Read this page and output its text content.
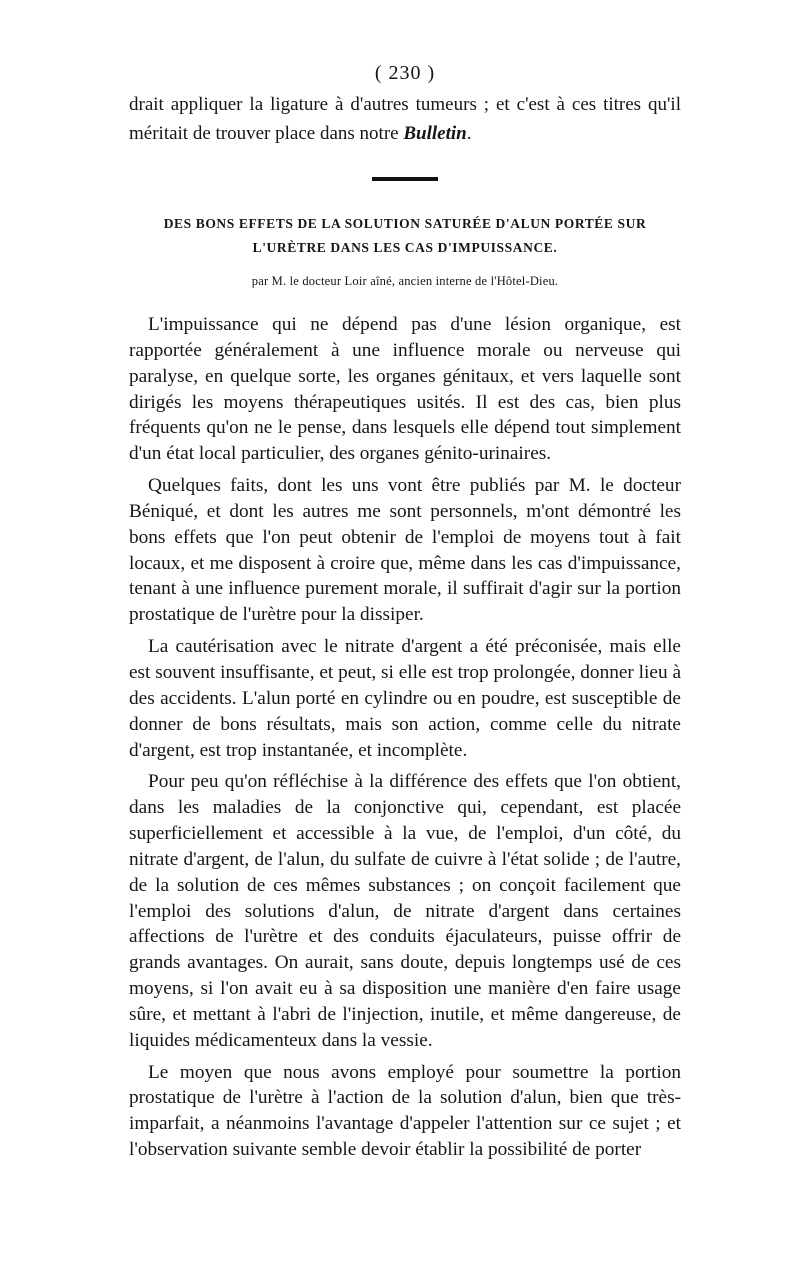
( 230 )

drait appliquer la ligature à d'autres tumeurs ; et c'est à ces titres qu'il méritait de trouver place dans notre Bulletin.

DES BONS EFFETS DE LA SOLUTION SATURÉE D'ALUN PORTÉE SUR
L'URÈTRE DANS LES CAS D'IMPUISSANCE.
par M. le docteur Loir aîné, ancien interne de l'Hôtel-Dieu.

L'impuissance qui ne dépend pas d'une lésion organique, est rapportée généralement à une influence morale ou nerveuse qui paralyse, en quelque sorte, les organes génitaux, et vers laquelle sont dirigés les moyens thérapeutiques usités. Il est des cas, bien plus fréquents qu'on ne le pense, dans lesquels elle dépend tout simplement d'un état local particulier, des organes génito-urinaires.

Quelques faits, dont les uns vont être publiés par M. le docteur Béniqué, et dont les autres me sont personnels, m'ont démontré les bons effets que l'on peut obtenir de l'emploi de moyens tout à fait locaux, et me disposent à croire que, même dans les cas d'impuissance, tenant à une influence purement morale, il suffirait d'agir sur la portion prostatique de l'urètre pour la dissiper.

La cautérisation avec le nitrate d'argent a été préconisée, mais elle est souvent insuffisante, et peut, si elle est trop prolongée, donner lieu à des accidents. L'alun porté en cylindre ou en poudre, est susceptible de donner de bons résultats, mais son action, comme celle du nitrate d'argent, est trop instantanée, et incomplète.

Pour peu qu'on réfléchise à la différence des effets que l'on obtient, dans les maladies de la conjonctive qui, cependant, est placée superficiellement et accessible à la vue, de l'emploi, d'un côté, du nitrate d'argent, de l'alun, du sulfate de cuivre à l'état solide ; de l'autre, de la solution de ces mêmes substances ; on conçoit facilement que l'emploi des solutions d'alun, de nitrate d'argent dans certaines affections de l'urètre et des conduits éjaculateurs, puisse offrir de grands avantages. On aurait, sans doute, depuis longtemps usé de ces moyens, si l'on avait eu à sa disposition une manière d'en faire usage sûre, et mettant à l'abri de l'injection, inutile, et même dangereuse, de liquides médicamenteux dans la vessie.

Le moyen que nous avons employé pour soumettre la portion prostatique de l'urètre à l'action de la solution d'alun, bien que très-imparfait, a néanmoins l'avantage d'appeler l'attention sur ce sujet ; et l'observation suivante semble devoir établir la possibilité de porter
